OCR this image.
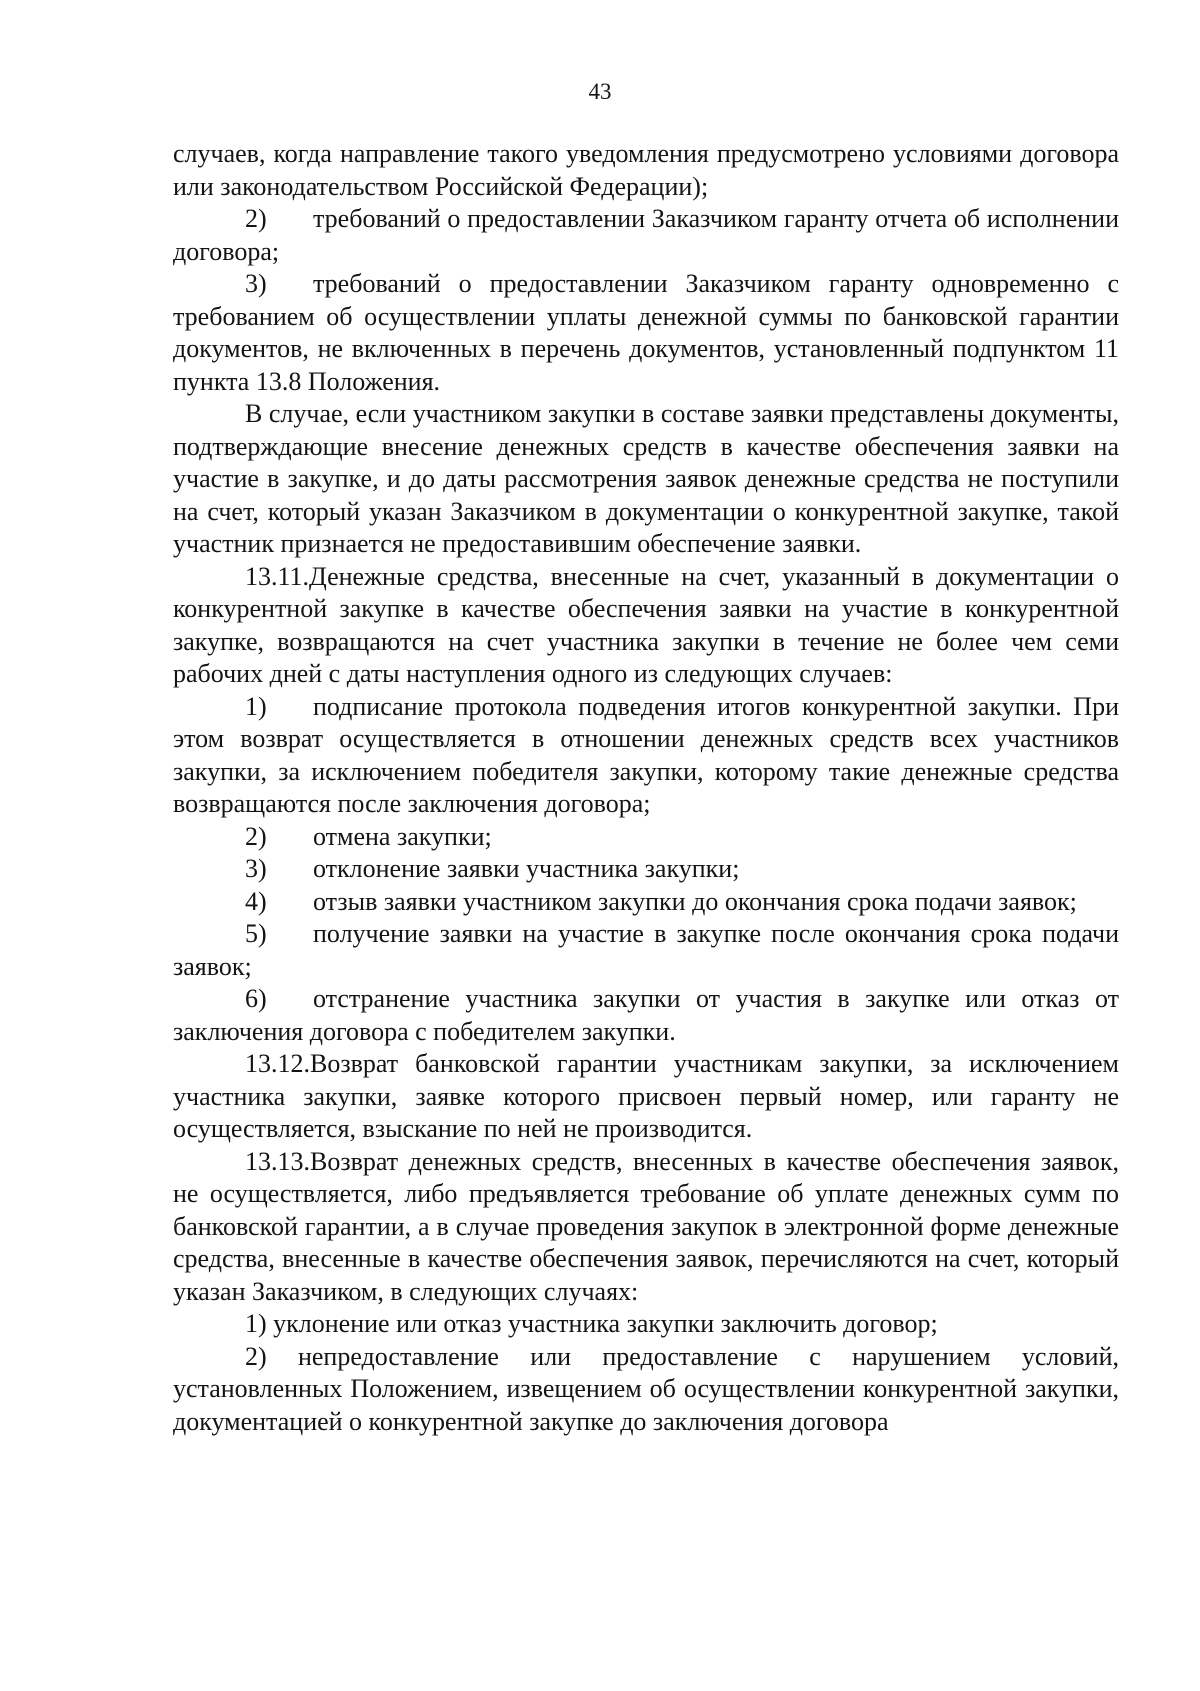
43

случаев, когда направление такого уведомления предусмотрено условиями договора или законодательством Российской Федерации);

2) требований о предоставлении Заказчиком гаранту отчета об исполнении договора;

3) требований о предоставлении Заказчиком гаранту одновременно с требованием об осуществлении уплаты денежной суммы по банковской гарантии документов, не включенных в перечень документов, установленный подпунктом 11 пункта 13.8 Положения.

В случае, если участником закупки в составе заявки представлены документы, подтверждающие внесение денежных средств в качестве обеспечения заявки на участие в закупке, и до даты рассмотрения заявок денежные средства не поступили на счет, который указан Заказчиком в документации о конкурентной закупке, такой участник признается не предоставившим обеспечение заявки.

13.11.Денежные средства, внесенные на счет, указанный в документации о конкурентной закупке в качестве обеспечения заявки на участие в конкурентной закупке, возвращаются на счет участника закупки в течение не более чем семи рабочих дней с даты наступления одного из следующих случаев:

1) подписание протокола подведения итогов конкурентной закупки. При этом возврат осуществляется в отношении денежных средств всех участников закупки, за исключением победителя закупки, которому такие денежные средства возвращаются после заключения договора;

2) отмена закупки;

3) отклонение заявки участника закупки;

4) отзыв заявки участником закупки до окончания срока подачи заявок;

5) получение заявки на участие в закупке после окончания срока подачи заявок;

6) отстранение участника закупки от участия в закупке или отказ от заключения договора с победителем закупки.

13.12.Возврат банковской гарантии участникам закупки, за исключением участника закупки, заявке которого присвоен первый номер, или гаранту не осуществляется, взыскание по ней не производится.

13.13.Возврат денежных средств, внесенных в качестве обеспечения заявок, не осуществляется, либо предъявляется требование об уплате денежных сумм по банковской гарантии, а в случае проведения закупок в электронной форме денежные средства, внесенные в качестве обеспечения заявок, перечисляются на счет, который указан Заказчиком, в следующих случаях:

1) уклонение или отказ участника закупки заключить договор;

2) непредоставление или предоставление с нарушением условий, установленных Положением, извещением об осуществлении конкурентной закупки, документацией о конкурентной закупке до заключения договора
